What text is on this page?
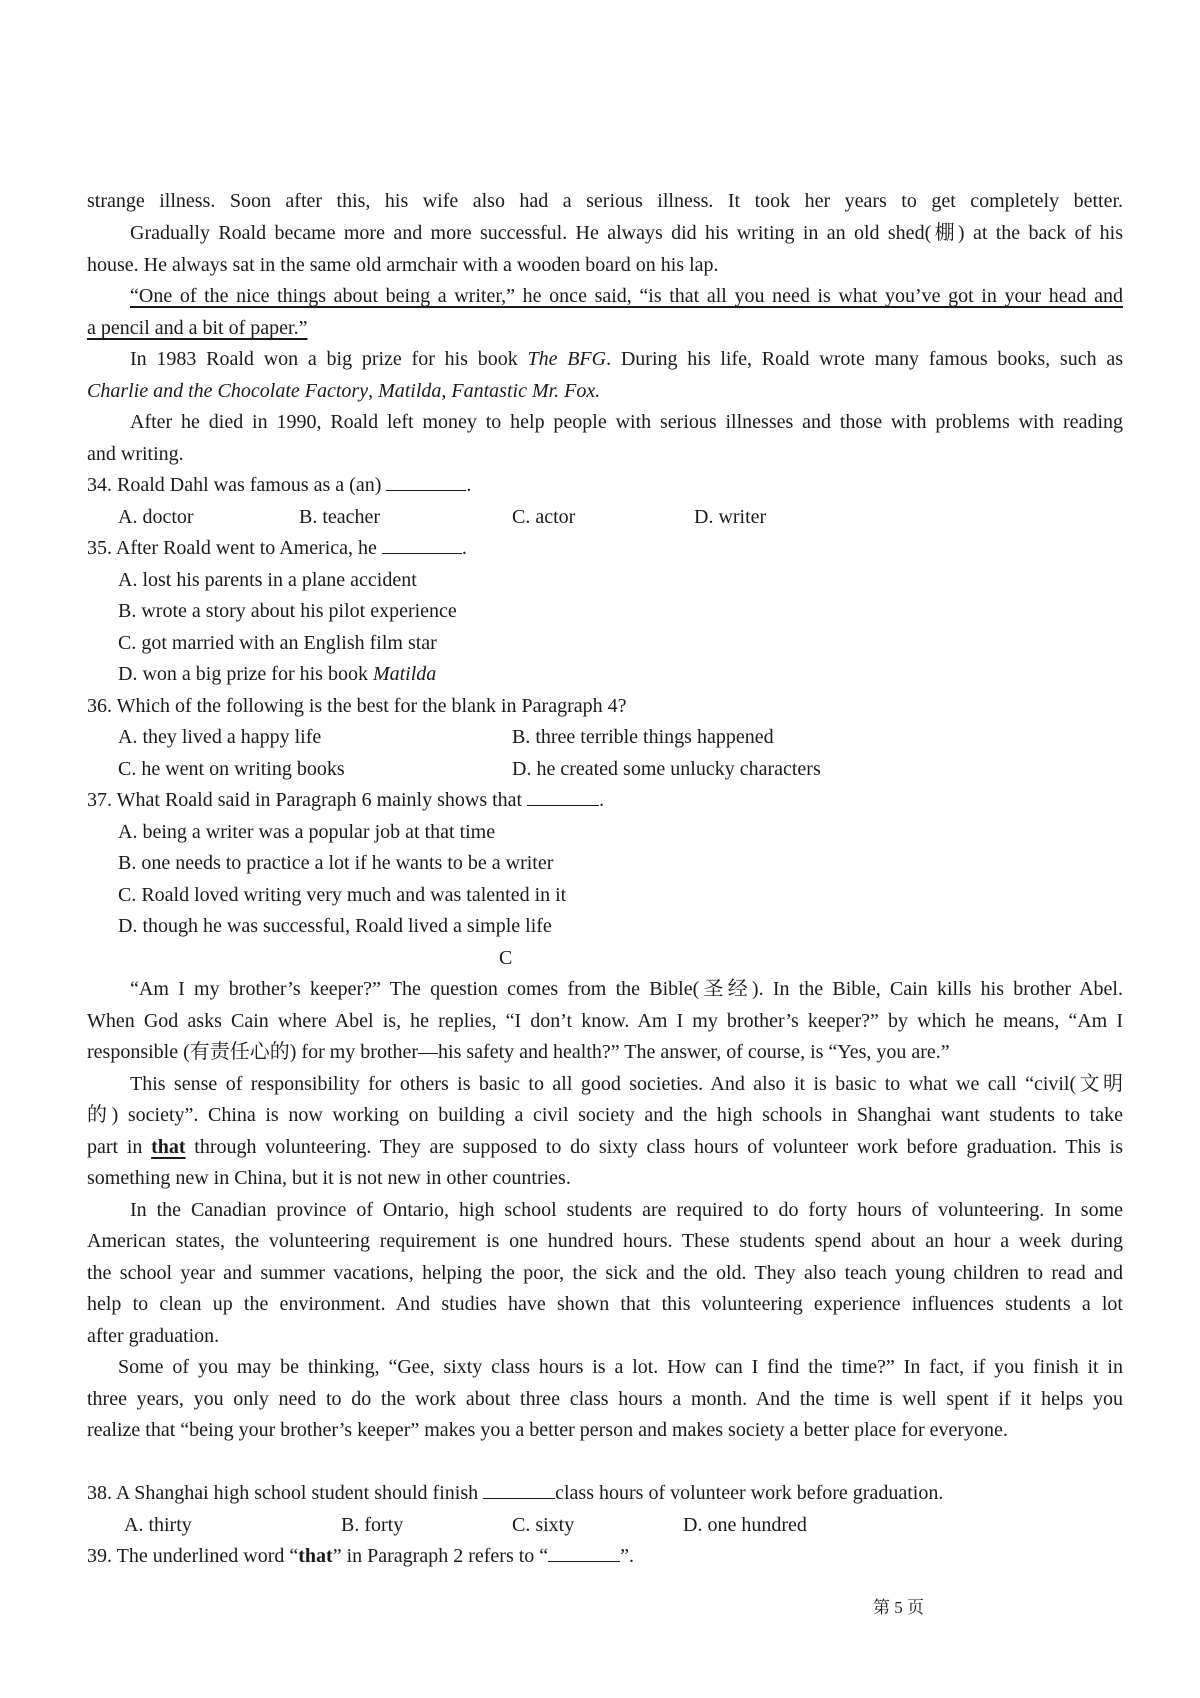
strange illness. Soon after this, his wife also had a serious illness. It took her years to get completely better.
Gradually Roald became more and more successful. He always did his writing in an old shed(棚) at the back of his
house. He always sat in the same old armchair with a wooden board on his lap.
“One of the nice things about being a writer,” he once said, “is that all you need is what you’ve got in your head and
a pencil and a bit of paper.”
In 1983 Roald won a big prize for his book The BFG. During his life, Roald wrote many famous books, such as
Charlie and the Chocolate Factory, Matilda, Fantastic Mr. Fox.
After he died in 1990, Roald left money to help people with serious illnesses and those with problems with reading
and writing.
34. Roald Dahl was famous as a (an)	.
A. doctor	B. teacher	C. actor	D. writer
35. After Roald went to America, he	.
A. lost his parents in a plane accident
B. wrote a story about his pilot experience
C. got married with an English film star
D. won a big prize for his book Matilda
36. Which of the following is the best for the blank in Paragraph 4?
A. they lived a happy life	B. three terrible things happened
C. he went on writing books	D. he created some unlucky characters
37. What Roald said in Paragraph 6 mainly shows that	.
A. being a writer was a popular job at that time
B. one needs to practice a lot if he wants to be a writer
C. Roald loved writing very much and was talented in it
D. though he was successful, Roald lived a simple life
C
“Am I my brother’s keeper?” The question comes from the Bible(圣经). In the Bible, Cain kills his brother Abel.
When God asks Cain where Abel is, he replies, “I don’t know. Am I my brother’s keeper?” by which he means, “Am I
responsible (有责任心的) for my brother—his safety and health?” The answer, of course, is “Yes, you are.”
This sense of responsibility for others is basic to all good societies. And also it is basic to what we call “civil(文明
的) society”. China is now working on building a civil society and the high schools in Shanghai want students to take
part in that through volunteering. They are supposed to do sixty class hours of volunteer work before graduation. This is
something new in China, but it is not new in other countries.
In the Canadian province of Ontario, high school students are required to do forty hours of volunteering. In some
American states, the volunteering requirement is one hundred hours. These students spend about an hour a week during
the school year and summer vacations, helping the poor, the sick and the old. They also teach young children to read and
help to clean up the environment. And studies have shown that this volunteering experience influences students a lot
after graduation.
Some of you may be thinking, “Gee, sixty class hours is a lot. How can I find the time?” In fact, if you finish it in
three years, you only need to do the work about three class hours a month. And the time is well spent if it helps you
realize that “being your brother’s keeper” makes you a better person and makes society a better place for everyone.
38. A Shanghai high school student should finish	class hours of volunteer work before graduation.
A. thirty	B. forty	C. sixty	D. one hundred
39. The underlined word “that” in Paragraph 2 refers to “	”.
第 5 页
